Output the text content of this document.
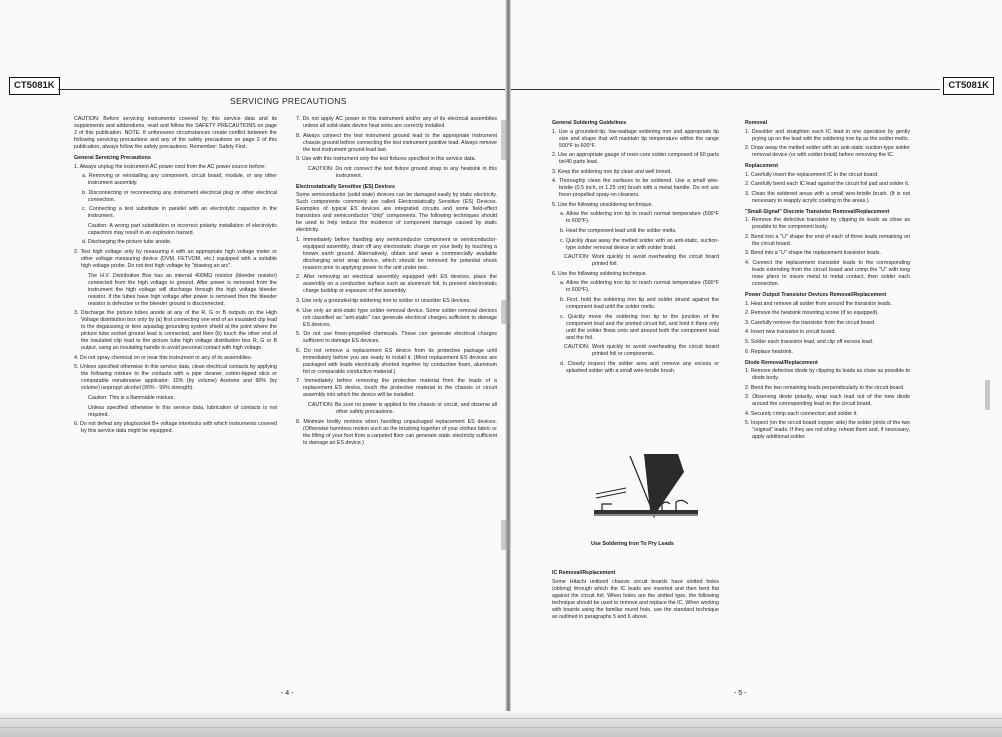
CT5081K	CT5081K
SERVICING PRECAUTIONS

CAUTION: Before servicing instruments covered by this service data and its supplements and addendums, read and follow the SAFETY PRECAUTIONS on page 2 of this publication. NOTE: If unforeseen circumstances create conflict between the following servicing precautions and any of the safety precautions on page 2 of this publication, always follow the safety precautions. Remember: Safety First.

General Servicing Precautions

1. Always unplug the instrument AC power cord from the AC power source before:

a. Removing or reinstalling any component, circuit board, module, or any other instrument assembly.

b. Disconnecting or reconnecting any instrument electrical plug or other electrical connection.

c. Connecting a test substitute in parallel with an electrolytic capacitor in the instrument.

Caution: A wrong part substitution or incorrect polarity installation of electrolytic capacitors may result in an explosion hazard.

d. Discharging the picture tube anode.

2. Test high voltage only by measuring it with an appropriate high voltage meter or other voltage measuring device (DVM, FETVOM, etc.) equipped with a suitable high voltage probe. Do not test high voltage by "drawing an arc".

The H.V. Distribution Box has an internal 400MΩ resistor (bleeder resistor) connected from the high voltage to ground. After power is removed from the instrument the high voltage will discharge through the high voltage bleeder resistor. If the tubes have high voltage after power is removed then the bleeder resistor is defective or the bleeder ground is disconnected.

3. Discharge the picture tubes anode at any of the R, G or B outputs on the High Voltage distribution box only by (a) first connecting one end of an insulated clip lead to the degaussing or kine aquadag grounding system shield at the point where the picture tube socket ground lead is connected, and then (b) touch the other end of the insulated clip lead to the picture tube high voltage distribution box R, G or B output, using an insulating handle to avoid personal contact with high voltage.

4. Do not spray chemical on or near this instrument or any of its assemblies.

5. Unless specified otherwise in this service data, clean electrical contacts by applying the following mixture to the contacts with a pipe cleaner, cotton-tipped stick or comparable nonabrasive applicator: 10% (by volume) Acetone and 90% (by volume) isopropyl alcohol (90% - 99% strength).

Caution: This is a flammable mixture.

Unless specified otherwise in this service data, lubrication of contacts is not required.

6. Do not defeat any plug/socket B+ voltage interlocks with which instruments covered by this service data might be equipped.

7. Do not apply AC power to this instrument and/or any of its electrical assemblies unless all solid-state device heat sinks are correctly installed.

8. Always connect the test instrument ground lead to the appropriate instrument chassis ground before connecting the test instrument positive lead. Always remove the test instrument ground lead last.

9. Use with this instrument only the test fixtures specified in this service data.

CAUTION: Do not connect the test fixture ground strap to any heatsink in this instrument.

Electrostatically Sensitive (ES) Devices

Some semiconductor (solid state) devices can be damaged easily by static electricity. Such components commonly are called Electrostatically Sensitive (ES) Devices. Examples of typical ES devices are integrated circuits and some field-effect transistors and semiconductor "chip" components. The following techniques should be used to help reduce the incidence of component damage caused by static electricity.

1. Immediately before handling any semiconductor component or semiconductor-equipped assembly, drain off any electrostatic charge on your body by touching a known earth ground. Alternatively, obtain and wear a commercially available discharging wrist strap device, which should be removed for potential shock reasons prior to applying power to the unit under test.

2. After removing an electrical assembly equipped with ES devices, place the assembly on a conductive surface such as aluminum foil, to prevent electrostatic charge buildup or exposure of the assembly.

3. Use only a grounded-tip soldering iron to solder or unsolder ES devices.

4. Use only an anti-static type solder removal device. Some solder removal devices not classified as "anti-static" can generate electrical charges sufficient to damage ES devices.

5. Do not use freon-propelled chemicals. These can generate electrical charges sufficient to damage ES devices.

6. Do not remove a replacement ES device from its protective package until immediately before you are ready to install it. (Most replacement ES devices are packaged with leads electrically shorted together by conductive foam, aluminum foil or comparable conductive material.)

7. Immediately before removing the protective material from the leads of a replacement ES device, touch the protective material to the chassis or circuit assembly into which the device will be installed.

CAUTION: Be sure no power is applied to the chassis or circuit, and observe all other safety precautions.

8. Minimize bodily motions when handling unpackaged replacement ES devices. (Otherwise harmless motion such as the brushing together of your clothes fabric or the lifting of your foot from a carpeted floor can generate static electricity sufficient to damage an ES device.)

- 4 -

General Soldering Guidelines

1. Use a grounded-tip, low-wattage soldering iron and appropriate tip size and shape that will maintain tip temperature within the range 500°F to 600°F.

2. Use an appropriate gauge of resin-core solder composed of 60 parts tin/40 parts lead.

3. Keep the soldering iron tip clean and well tinned.

4. Thoroughly clean the surfaces to be soldered. Use a small wire-bristle (0.5 inch, or 1.25 cm) brush with a metal handle. Do not use freon-propelled spray-on cleaners.

5. Use the following unsoldering technique.

a. Allow the soldering iron tip to reach normal temperature (500°F to 600°F).

b. Heat the component lead until the solder melts.

c. Quickly draw away the melted solder with an anti-static, suction-type solder removal device or with solder braid.

CAUTION: Work quickly to avoid overheating the circuit board printed foil.

6. Use the following soldering technique.

a. Allow the soldering iron tip to reach normal temperature (500°F to 600°F).

b. First, hold the soldering iron tip and solder strand against the component lead until the solder melts.

c. Quickly move the soldering iron tip to the junction of the component lead and the printed circuit foil, and hold it there only until the solder flows onto and around both the component lead and the foil.

CAUTION: Work quickly to avoid overheating the circuit board printed foil or components.

d. Closely inspect the solder area and remove any excess or splashed solder with a small wire-bristle brush.

Use Soldering Iron To Pry Leads

IC Removal/Replacement

Some Hitachi unitized chassis circuit boards have slotted holes (oblong) through which the IC leads are inserted and then bent flat against the circuit foil. When holes are the slotted type, the following technique should be used to remove and replace the IC. When working with boards using the familiar round hole, use the standard technique as outlined in paragraphs 5 and 6 above.

Removal

1. Desolder and straighten each IC lead in one operation by gently prying up on the lead with the soldering iron tip as the solder melts.

2. Draw away the melted solder with an anti-static suction-type solder removal device (or with solder braid) before removing the IC.

Replacement

1. Carefully insert the replacement IC in the circuit board.

2. Carefully bend each IC lead against the circuit foil pad and solder it.

3. Clean the soldered areas with a small wire-bristle brush. (It is not necessary to reapply acrylic coating to the areas.)

"Small-Signal" Discrete Transistor Removal/Replacement

1. Remove the defective transistor by clipping its leads as close as possible to the component body.

2. Bend into a "U" shape the end of each of three leads remaining on the circuit board.

3. Bend into a "U" shape the replacement transistor leads.

4. Connect the replacement transistor leads to the corresponding leads extending from the circuit board and crimp the "U" with long nose pliers to insure metal to metal contact, then solder each connection.

Power Output Transistor Devices Removal/Replacement

1. Heat and remove all solder from around the transistor leads.

2. Remove the heatsink mounting screw (if so equipped).

3. Carefully remove the transistor from the circuit board.

4. Insert new transistor in circuit board.

5. Solder each transistor lead, and clip off excess lead.

6. Replace heatsink.

Diode Removal/Replacement

1. Remove defective diode by clipping its leads as close as possible to diode body.

2. Bend the two remaining leads perpendicularly to the circuit board.

3. Observing diode polarity, wrap each lead out of the new diode around the corresponding lead on the circuit board.

4. Securely crimp each connection and solder it.

5. Inspect (on the circuit board copper side) the solder joints of the two "original" leads. If they are not shiny, reheat them and, if necessary, apply additional solder.

- 5 -
